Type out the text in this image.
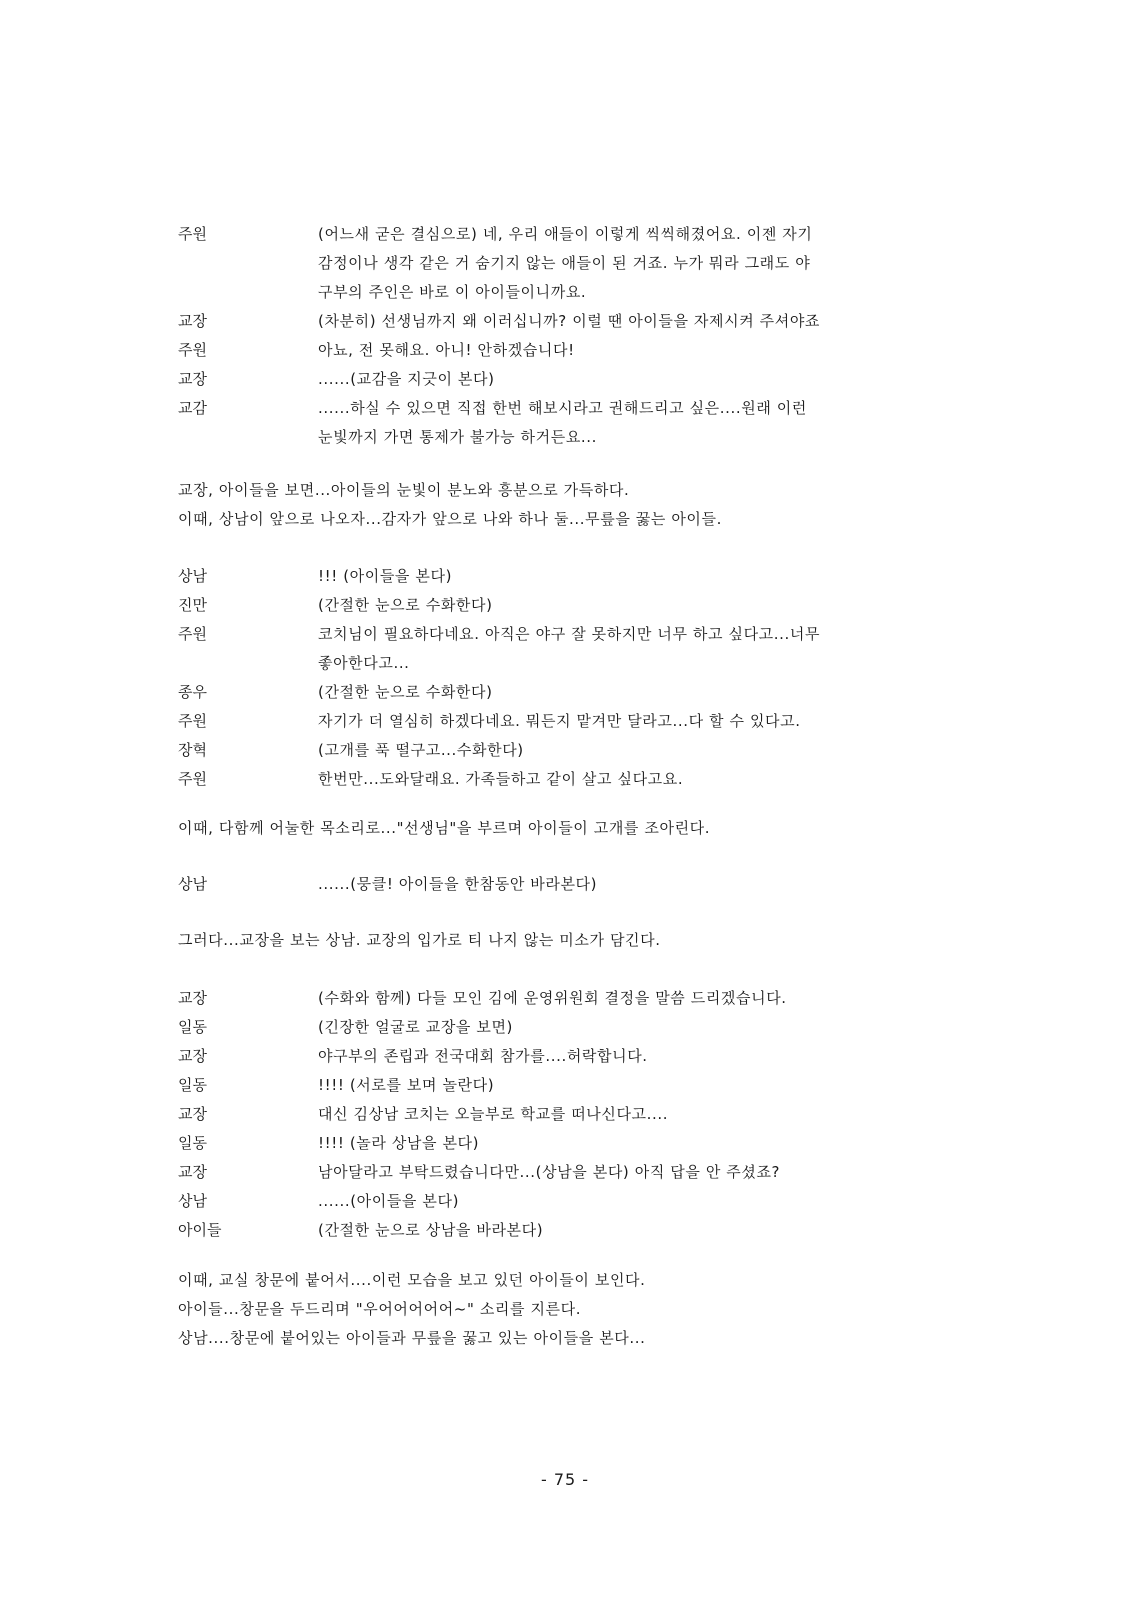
주원	(어느새 굳은 결심으로) 네, 우리 애들이 이렇게 씩씩해졌어요. 이젠 자기
감정이나 생각 같은 거 숨기지 않는 애들이 된 거죠. 누가 뭐라 그래도 야
구부의 주인은 바로 이 아이들이니까요.
교장	(차분히) 선생님까지 왜 이러십니까? 이럴 땐 아이들을 자제시켜 주셔야죠
주원	아뇨, 전 못해요. 아니! 안하겠습니다!
교장	......(교감을 지긋이 본다)
교감	......하실 수 있으면 직접 한번 해보시라고 권해드리고 싶은....원래 이런
눈빛까지 가면 통제가 불가능 하거든요...
교장, 아이들을 보면...아이들의 눈빛이 분노와 흥분으로 가득하다.
이때, 상남이 앞으로 나오자...감자가 앞으로 나와 하나 둘...무릎을 꿇는 아이들.
상남	!!! (아이들을 본다)
진만	(간절한 눈으로 수화한다)
주원	코치님이 필요하다네요. 아직은 야구 잘 못하지만 너무 하고 싶다고...너무
좋아한다고...
종우	(간절한 눈으로 수화한다)
주원	자기가 더 열심히 하겠다네요. 뭐든지 맡겨만 달라고...다 할 수 있다고.
장혁	(고개를 푹 떨구고...수화한다)
주원	한번만...도와달래요. 가족들하고 같이 살고 싶다고요.
이때, 다함께 어눌한 목소리로..."선생님"을 부르며 아이들이 고개를 조아린다.
상남	......(뭉클! 아이들을 한참동안 바라본다)
그러다...교장을 보는 상남. 교장의 입가로 티 나지 않는 미소가 담긴다.
교장	(수화와 함께) 다들 모인 김에 운영위원회 결정을 말씀 드리겠습니다.
일동	(긴장한 얼굴로 교장을 보면)
교장	야구부의 존립과 전국대회 참가를....허락합니다.
일동	!!!! (서로를 보며 놀란다)
교장	대신 김상남 코치는 오늘부로 학교를 떠나신다고....
일동	!!!! (놀라 상남을 본다)
교장	남아달라고 부탁드렸습니다만...(상남을 본다) 아직 답을 안 주셨죠?
상남	......(아이들을 본다)
아이들	(간절한 눈으로 상남을 바라본다)
이때, 교실 창문에 붙어서....이런 모습을 보고 있던 아이들이 보인다.
아이들...창문을 두드리며 "우어어어어어~" 소리를 지른다.
상남....창문에 붙어있는 아이들과 무릎을 꿇고 있는 아이들을 본다...
- 75 -
